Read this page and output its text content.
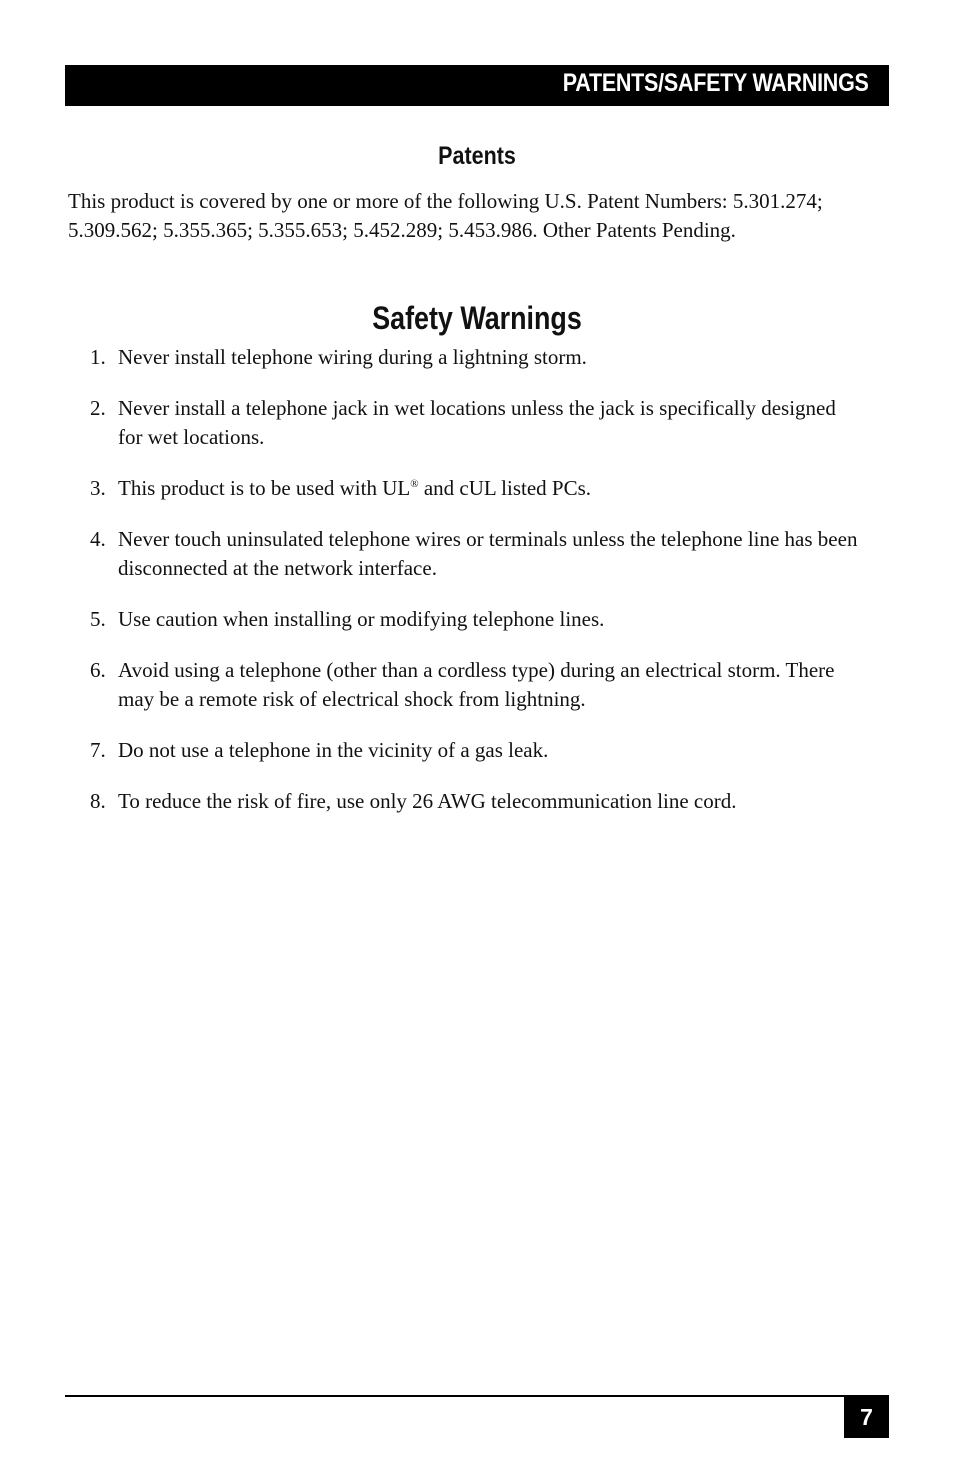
PATENTS/SAFETY WARNINGS
Patents

This product is covered by one or more of the following U.S. Patent Numbers: 5.301.274; 5.309.562; 5.355.365; 5.355.653; 5.452.289; 5.453.986. Other Patents Pending.

Safety Warnings
1. Never install telephone wiring during a lightning storm.
2. Never install a telephone jack in wet locations unless the jack is specifically designed for wet locations.
3. This product is to be used with UL® and cUL listed PCs.
4. Never touch uninsulated telephone wires or terminals unless the telephone line has been disconnected at the network interface.
5. Use caution when installing or modifying telephone lines.
6. Avoid using a telephone (other than a cordless type) during an electrical storm. There may be a remote risk of electrical shock from lightning.
7. Do not use a telephone in the vicinity of a gas leak.
8. To reduce the risk of fire, use only 26 AWG telecommunication line cord.
7
